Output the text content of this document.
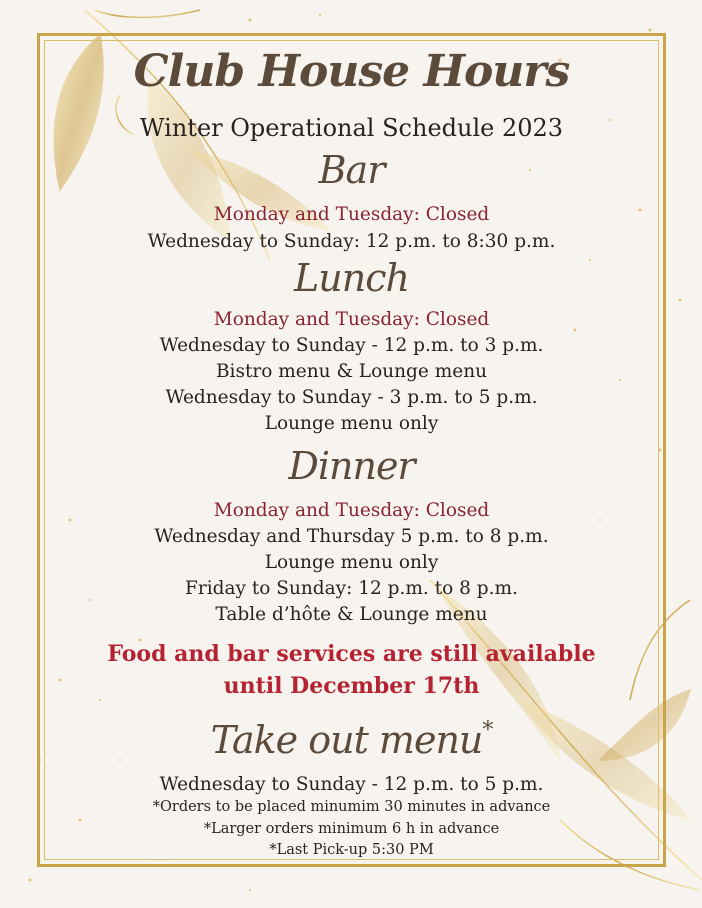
Club House Hours
Winter Operational Schedule 2023
Bar
Monday and Tuesday: Closed
Wednesday to Sunday: 12 p.m. to 8:30 p.m.
Lunch
Monday and Tuesday: Closed
Wednesday to Sunday - 12 p.m. to 3 p.m.
Bistro menu & Lounge menu
Wednesday to Sunday - 3 p.m. to 5 p.m.
Lounge menu only
Dinner
Monday and Tuesday: Closed
Wednesday and Thursday 5 p.m. to 8 p.m.
Lounge menu only
Friday to Sunday: 12 p.m. to 8 p.m.
Table d’hôte & Lounge menu
Food and bar services are still available
until December 17th
Take out menu*
Wednesday to Sunday - 12 p.m. to 5 p.m.
*Orders to be placed minumim 30 minutes in advance
*Larger orders minimum 6 h in advance
*Last Pick-up 5:30 PM
